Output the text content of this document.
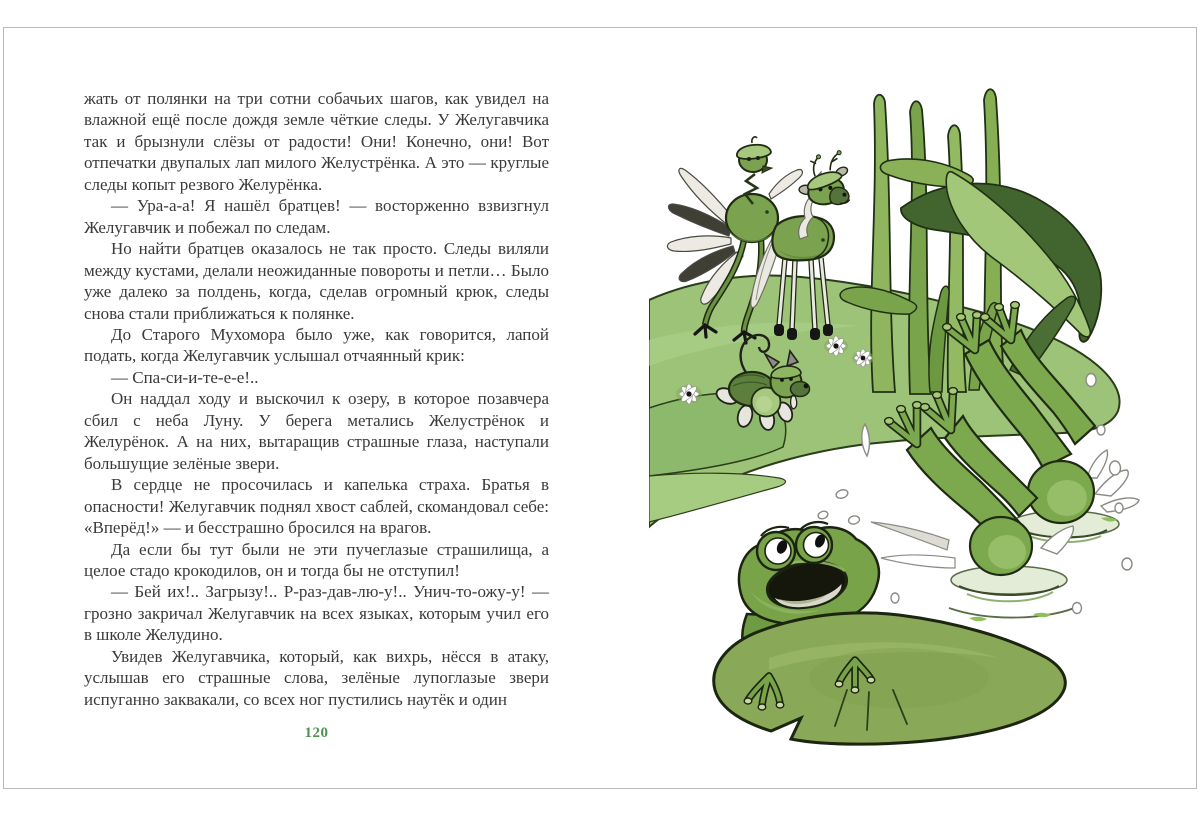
жать от полянки на три сотни собачьих шагов, как увидел на влажной ещё после дождя земле чёткие следы. У Желугавчика так и брызнули слёзы от радости! Они! Конечно, они! Вот отпечатки двупалых лап милого Желустрёнка. А это — круглые следы копыт резвого Желурёнка.

— Ура-а-а! Я нашёл братцев! — восторженно взвизгнул Желугавчик и побежал по следам.

Но найти братцев оказалось не так просто. Следы виляли между кустами, делали неожиданные повороты и петли… Было уже далеко за полдень, когда, сделав огромный крюк, следы снова стали приближаться к полянке.

До Старого Мухомора было уже, как говорится, лапой подать, когда Желугавчик услышал отчаянный крик:

— Спа-си-и-те-е-е!..

Он наддал ходу и выскочил к озеру, в которое позавчера сбил с неба Луну. У берега метались Желустрёнок и Желурёнок. А на них, вытаращив страшные глаза, наступали большущие зелёные звери.

В сердце не просочилась и капелька страха. Братья в опасности! Желугавчик поднял хвост саблей, скомандовал себе: «Вперёд!» — и бесстрашно бросился на врагов.

Да если бы тут были не эти пучеглазые страшилища, а целое стадо крокодилов, он и тогда бы не отступил!

— Бей их!.. Загрызу!.. Р-раз-дав-лю-у!.. Унич-то-ожу-у! — грозно закричал Желугавчик на всех языках, которым учил его в школе Желудино.

Увидев Желугавчика, который, как вихрь, нёсся в атаку, услышав его страшные слова, зелёные лупоглазые звери испуганно заквакали, со всех ног пустились наутёк и один

120
